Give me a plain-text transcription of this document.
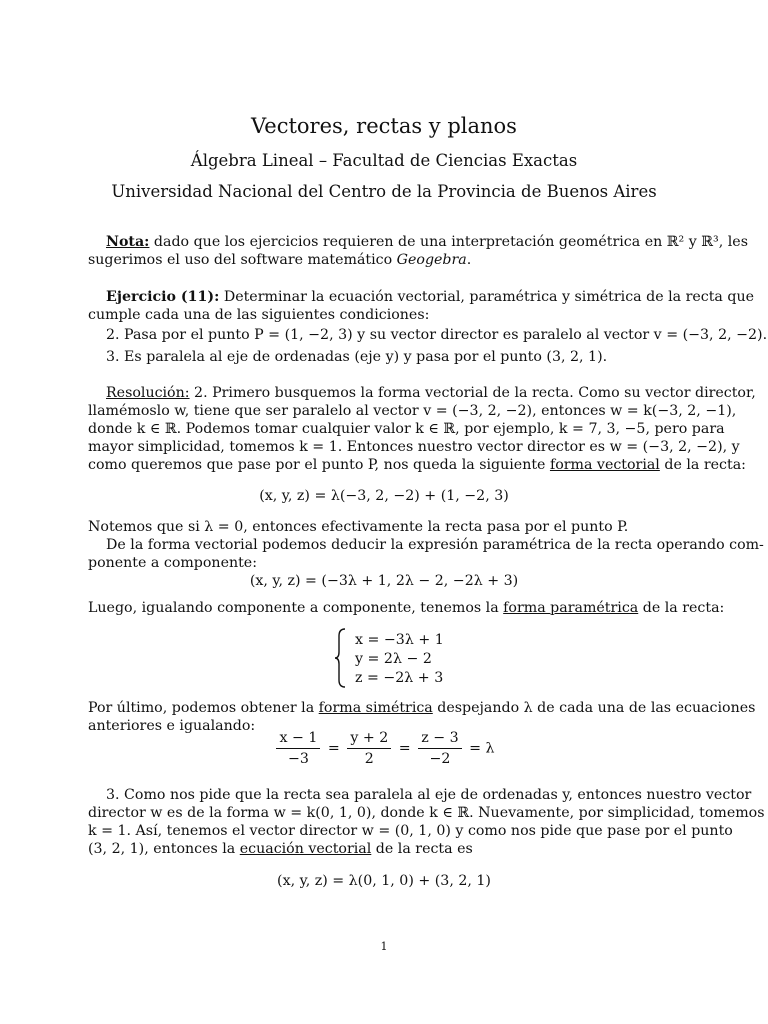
Vectores, rectas y planos
Álgebra Lineal – Facultad de Ciencias Exactas
Universidad Nacional del Centro de la Provincia de Buenos Aires
Nota: dado que los ejercicios requieren de una interpretación geométrica en ℝ² y ℝ³, les
sugerimos el uso del software matemático Geogebra.
Ejercicio (11): Determinar la ecuación vectorial, paramétrica y simétrica de la recta que
cumple cada una de las siguientes condiciones:
2. Pasa por el punto P = (1, −2, 3) y su vector director es paralelo al vector v = (−3, 2, −2).
3. Es paralela al eje de ordenadas (eje y) y pasa por el punto (3, 2, 1).
Resolución: 2. Primero busquemos la forma vectorial de la recta. Como su vector director,
llamémoslo w, tiene que ser paralelo al vector v = (−3, 2, −2), entonces w = k(−3, 2, −1),
donde k ∈ ℝ. Podemos tomar cualquier valor k ∈ ℝ, por ejemplo, k = 7, 3, −5, pero para
mayor simplicidad, tomemos k = 1. Entonces nuestro vector director es w = (−3, 2, −2), y
como queremos que pase por el punto P, nos queda la siguiente forma vectorial de la recta:
(x, y, z) = λ(−3, 2, −2) + (1, −2, 3)
Notemos que si λ = 0, entonces efectivamente la recta pasa por el punto P.
De la forma vectorial podemos deducir la expresión paramétrica de la recta operando com-
ponente a componente:
(x, y, z) = (−3λ + 1, 2λ − 2, −2λ + 3)
Luego, igualando componente a componente, tenemos la forma paramétrica de la recta:
x = −3λ + 1
y = 2λ − 2
z = −2λ + 3
Por último, podemos obtener la forma simétrica despejando λ de cada una de las ecuaciones
anteriores e igualando:
$\frac{x - 1}{-3} = \frac{y + 2}{2} = \frac{z - 3}{-2} = \lambda$
3. Como nos pide que la recta sea paralela al eje de ordenadas y, entonces nuestro vector
director w es de la forma w = k(0, 1, 0), donde k ∈ ℝ. Nuevamente, por simplicidad, tomemos
k = 1. Así, tenemos el vector director w = (0, 1, 0) y como nos pide que pase por el punto
(3, 2, 1), entonces la ecuación vectorial de la recta es
(x, y, z) = λ(0, 1, 0) + (3, 2, 1)
1
